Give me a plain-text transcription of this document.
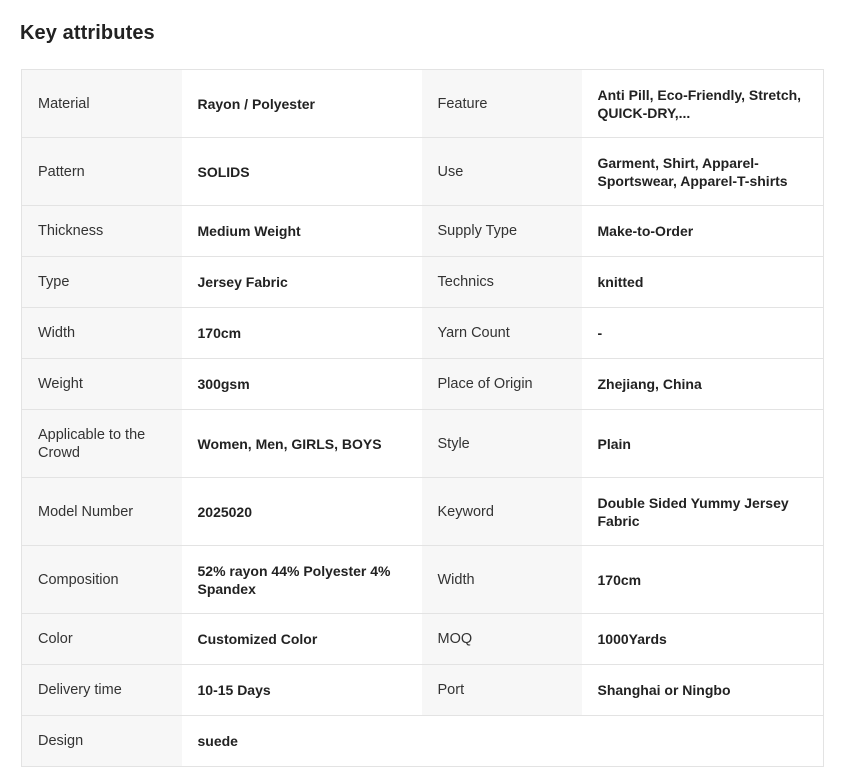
Key attributes
Material	Rayon / Polyester	Feature	Anti Pill, Eco-Friendly, Stretch, QUICK-DRY,...
Pattern	SOLIDS	Use	Garment, Shirt, Apparel-Sportswear, Apparel-T-shirts
Thickness	Medium Weight	Supply Type	Make-to-Order
Type	Jersey Fabric	Technics	knitted
Width	170cm	Yarn Count	-
Weight	300gsm	Place of Origin	Zhejiang, China
Applicable to the Crowd	Women, Men, GIRLS, BOYS	Style	Plain
Model Number	2025020	Keyword	Double Sided Yummy Jersey Fabric
Composition	52% rayon 44% Polyester 4% Spandex	Width	170cm
Color	Customized Color	MOQ	1000Yards
Delivery time	10-15 Days	Port	Shanghai or Ningbo
Design	suede		
